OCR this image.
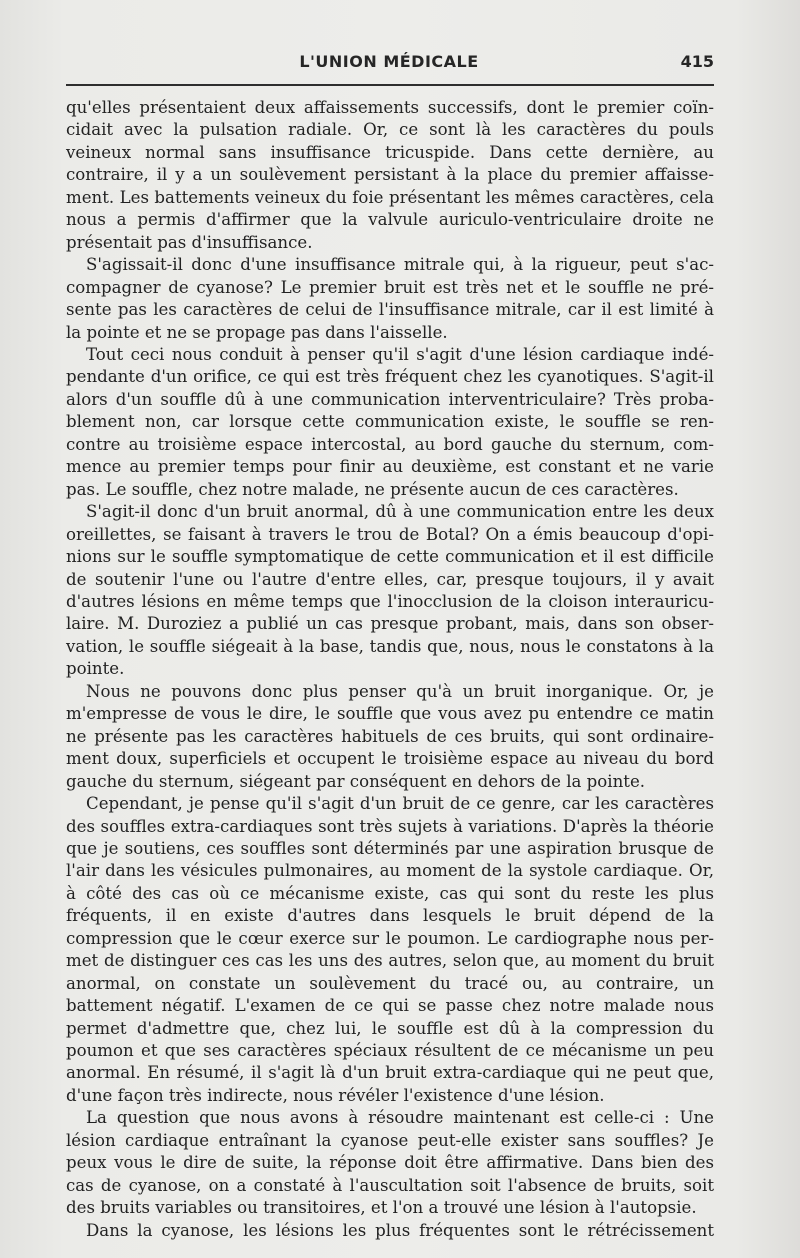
L'UNION MÉDICALE	415

qu'elles présentaient deux affaissements successifs, dont le premier coïn- cidait avec la pulsation radiale. Or, ce sont là les caractères du pouls veineux normal sans insuffisance tricuspide. Dans cette dernière, au contraire, il y a un soulèvement persistant à la place du premier affaisse- ment. Les battements veineux du foie présentant les mêmes caractères, cela nous a permis d'affirmer que la valvule auriculo-ventriculaire droite ne présentait pas d'insuffisance.

S'agissait-il donc d'une insuffisance mitrale qui, à la rigueur, peut s'ac- compagner de cyanose? Le premier bruit est très net et le souffle ne pré- sente pas les caractères de celui de l'insuffisance mitrale, car il est limité à la pointe et ne se propage pas dans l'aisselle.

Tout ceci nous conduit à penser qu'il s'agit d'une lésion cardiaque indé- pendante d'un orifice, ce qui est très fréquent chez les cyanotiques. S'agit-il alors d'un souffle dû à une communication interventriculaire? Très proba- blement non, car lorsque cette communication existe, le souffle se ren- contre au troisième espace intercostal, au bord gauche du sternum, com- mence au premier temps pour finir au deuxième, est constant et ne varie pas. Le souffle, chez notre malade, ne présente aucun de ces caractères.

S'agit-il donc d'un bruit anormal, dû à une communication entre les deux oreillettes, se faisant à travers le trou de Botal? On a émis beaucoup d'opi- nions sur le souffle symptomatique de cette communication et il est difficile de soutenir l'une ou l'autre d'entre elles, car, presque toujours, il y avait d'autres lésions en même temps que l'inocclusion de la cloison interauricu- laire. M. Duroziez a publié un cas presque probant, mais, dans son obser- vation, le souffle siégeait à la base, tandis que, nous, nous le constatons à la pointe.

Nous ne pouvons donc plus penser qu'à un bruit inorganique. Or, je m'empresse de vous le dire, le souffle que vous avez pu entendre ce matin ne présente pas les caractères habituels de ces bruits, qui sont ordinaire- ment doux, superficiels et occupent le troisième espace au niveau du bord gauche du sternum, siégeant par conséquent en dehors de la pointe.

Cependant, je pense qu'il s'agit d'un bruit de ce genre, car les caractères des souffles extra-cardiaques sont très sujets à variations. D'après la théorie que je soutiens, ces souffles sont déterminés par une aspiration brusque de l'air dans les vésicules pulmonaires, au moment de la systole cardiaque. Or, à côté des cas où ce mécanisme existe, cas qui sont du reste les plus fréquents, il en existe d'autres dans lesquels le bruit dépend de la compression que le cœur exerce sur le poumon. Le cardiographe nous per- met de distinguer ces cas les uns des autres, selon que, au moment du bruit anormal, on constate un soulèvement du tracé ou, au contraire, un battement négatif. L'examen de ce qui se passe chez notre malade nous permet d'admettre que, chez lui, le souffle est dû à la compression du poumon et que ses caractères spéciaux résultent de ce mécanisme un peu anormal. En résumé, il s'agit là d'un bruit extra-cardiaque qui ne peut que, d'une façon très indirecte, nous révéler l'existence d'une lésion.

La question que nous avons à résoudre maintenant est celle-ci : Une lésion cardiaque entraînant la cyanose peut-elle exister sans souffles? Je peux vous le dire de suite, la réponse doit être affirmative. Dans bien des cas de cyanose, on a constaté à l'auscultation soit l'absence de bruits, soit des bruits variables ou transitoires, et l'on a trouvé une lésion à l'autopsie.

Dans la cyanose, les lésions les plus fréquentes sont le rétrécissement
